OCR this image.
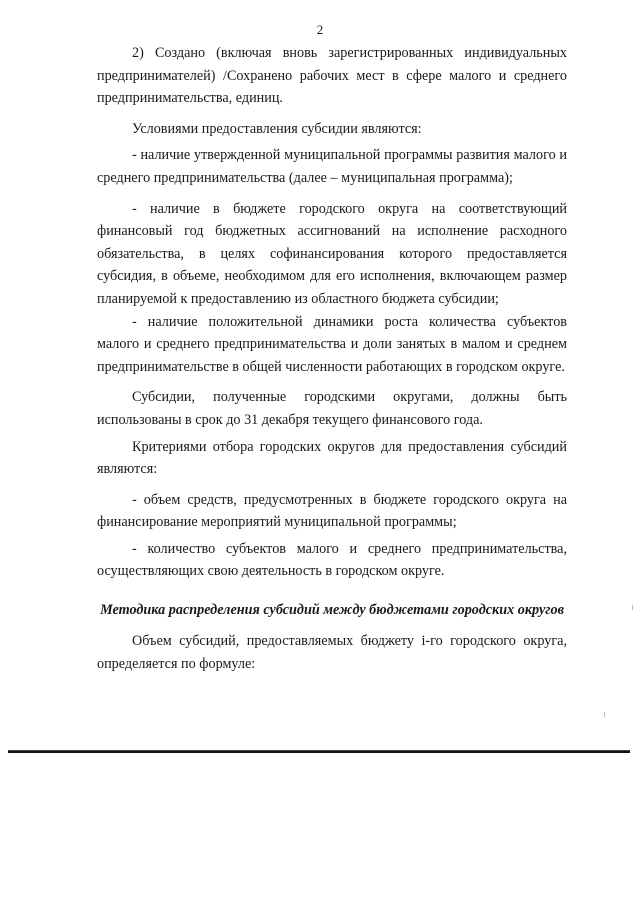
2

2) Создано (включая вновь зарегистрированных индивидуальных предпринимателей) /Сохранено рабочих мест в сфере малого и среднего предпринимательства, единиц.

Условиями предоставления субсидии являются:

- наличие утвержденной муниципальной программы развития малого и среднего предпринимательства (далее – муниципальная программа);

- наличие в бюджете городского округа на соответствующий финансовый год бюджетных ассигнований на исполнение расходного обязательства, в целях софинансирования которого предоставляется субсидия, в объеме, необходимом для его исполнения, включающем размер планируемой к предоставлению из областного бюджета субсидии;

- наличие положительной динамики роста количества субъектов малого и среднего предпринимательства и доли занятых в малом и среднем предпринимательстве в общей численности работающих в городском округе.

Субсидии, полученные городскими округами, должны быть использованы в срок до 31 декабря текущего финансового года.

Критериями отбора городских округов для предоставления субсидий являются:

- объем средств, предусмотренных в бюджете городского округа на финансирование мероприятий муниципальной программы;

- количество субъектов малого и среднего предпринимательства, осуществляющих свою деятельность в городском округе.

Методика распределения субсидий между бюджетами городских округов

Объем субсидий, предоставляемых бюджету i-го городского округа, определяется по формуле:
